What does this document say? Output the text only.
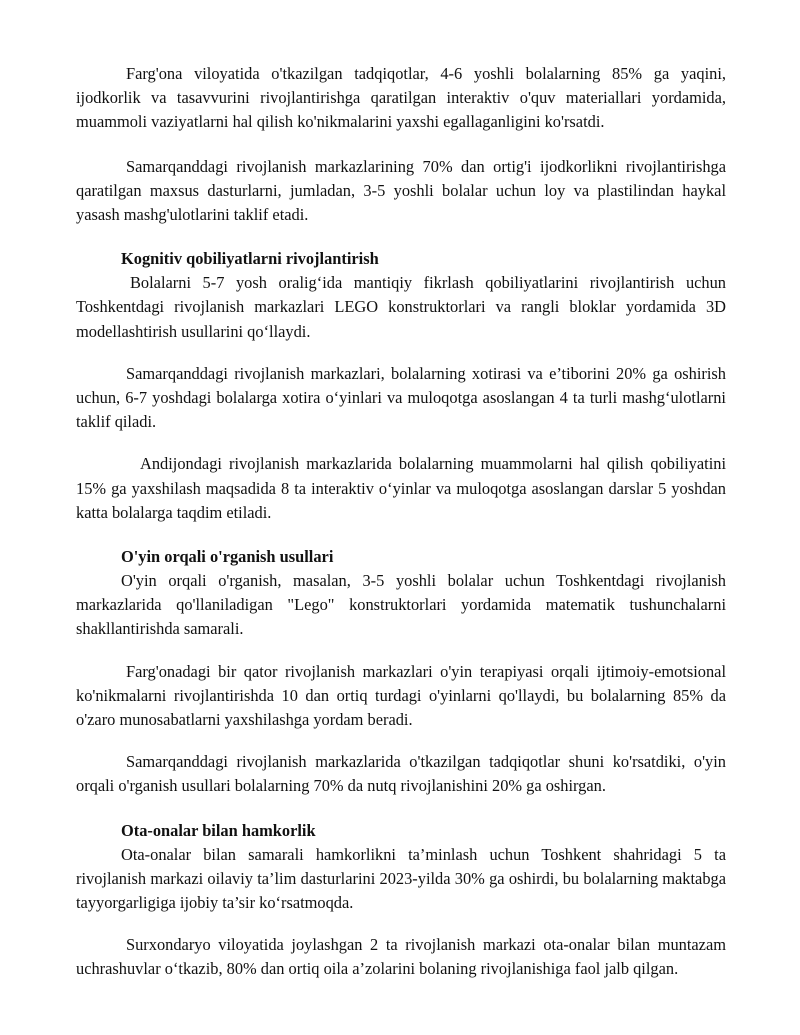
Farg'ona viloyatida o'tkazilgan tadqiqotlar, 4-6 yoshli bolalarning 85% ga yaqini, ijodkorlik va tasavvurini rivojlantirishga qaratilgan interaktiv o'quv materiallari yordamida, muammoli vaziyatlarni hal qilish ko'nikmalarini yaxshi egallaganligini ko'rsatdi.

Samarqanddagi rivojlanish markazlarining 70% dan ortig'i ijodkorlikni rivojlantirishga qaratilgan maxsus dasturlarni, jumladan, 3-5 yoshli bolalar uchun loy va plastilindan haykal yasash mashg'ulotlarini taklif etadi.

Kognitiv qobiliyatlarni rivojlantirish

Bolalarni 5-7 yosh oralig‘ida mantiqiy fikrlash qobiliyatlarini rivojlantirish uchun Toshkentdagi rivojlanish markazlari LEGO konstruktorlari va rangli bloklar yordamida 3D modellashtirish usullarini qo‘llaydi.

Samarqanddagi rivojlanish markazlari, bolalarning xotirasi va e’tiborini 20% ga oshirish uchun, 6-7 yoshdagi bolalarga xotira o‘yinlari va muloqotga asoslangan 4 ta turli mashg‘ulotlarni taklif qiladi.

Andijondagi rivojlanish markazlarida bolalarning muammolarni hal qilish qobiliyatini 15% ga yaxshilash maqsadida 8 ta interaktiv o‘yinlar va muloqotga asoslangan darslar 5 yoshdan katta bolalarga taqdim etiladi.

O'yin orqali o'rganish usullari

O'yin orqali o'rganish, masalan, 3-5 yoshli bolalar uchun Toshkentdagi rivojlanish markazlarida qo'llaniladigan "Lego" konstruktorlari yordamida matematik tushunchalarni shakllantirishda samarali.

Farg'onadagi bir qator rivojlanish markazlari o'yin terapiyasi orqali ijtimoiy-emotsional ko'nikmalarni rivojlantirishda 10 dan ortiq turdagi o'yinlarni qo'llaydi, bu bolalarning 85% da o'zaro munosabatlarni yaxshilashga yordam beradi.

Samarqanddagi rivojlanish markazlarida o'tkazilgan tadqiqotlar shuni ko'rsatdiki, o'yin orqali o'rganish usullari bolalarning 70% da nutq rivojlanishini 20% ga oshirgan.

Ota-onalar bilan hamkorlik

Ota-onalar bilan samarali hamkorlikni ta’minlash uchun Toshkent shahridagi 5 ta rivojlanish markazi oilaviy ta’lim dasturlarini 2023-yilda 30% ga oshirdi, bu bolalarning maktabga tayyorgarligiga ijobiy ta’sir ko‘rsatmoqda.

Surxondaryo viloyatida joylashgan 2 ta rivojlanish markazi ota-onalar bilan muntazam uchrashuvlar o‘tkazib, 80% dan ortiq oila a’zolarini bolaning rivojlanishiga faol jalb qilgan.
